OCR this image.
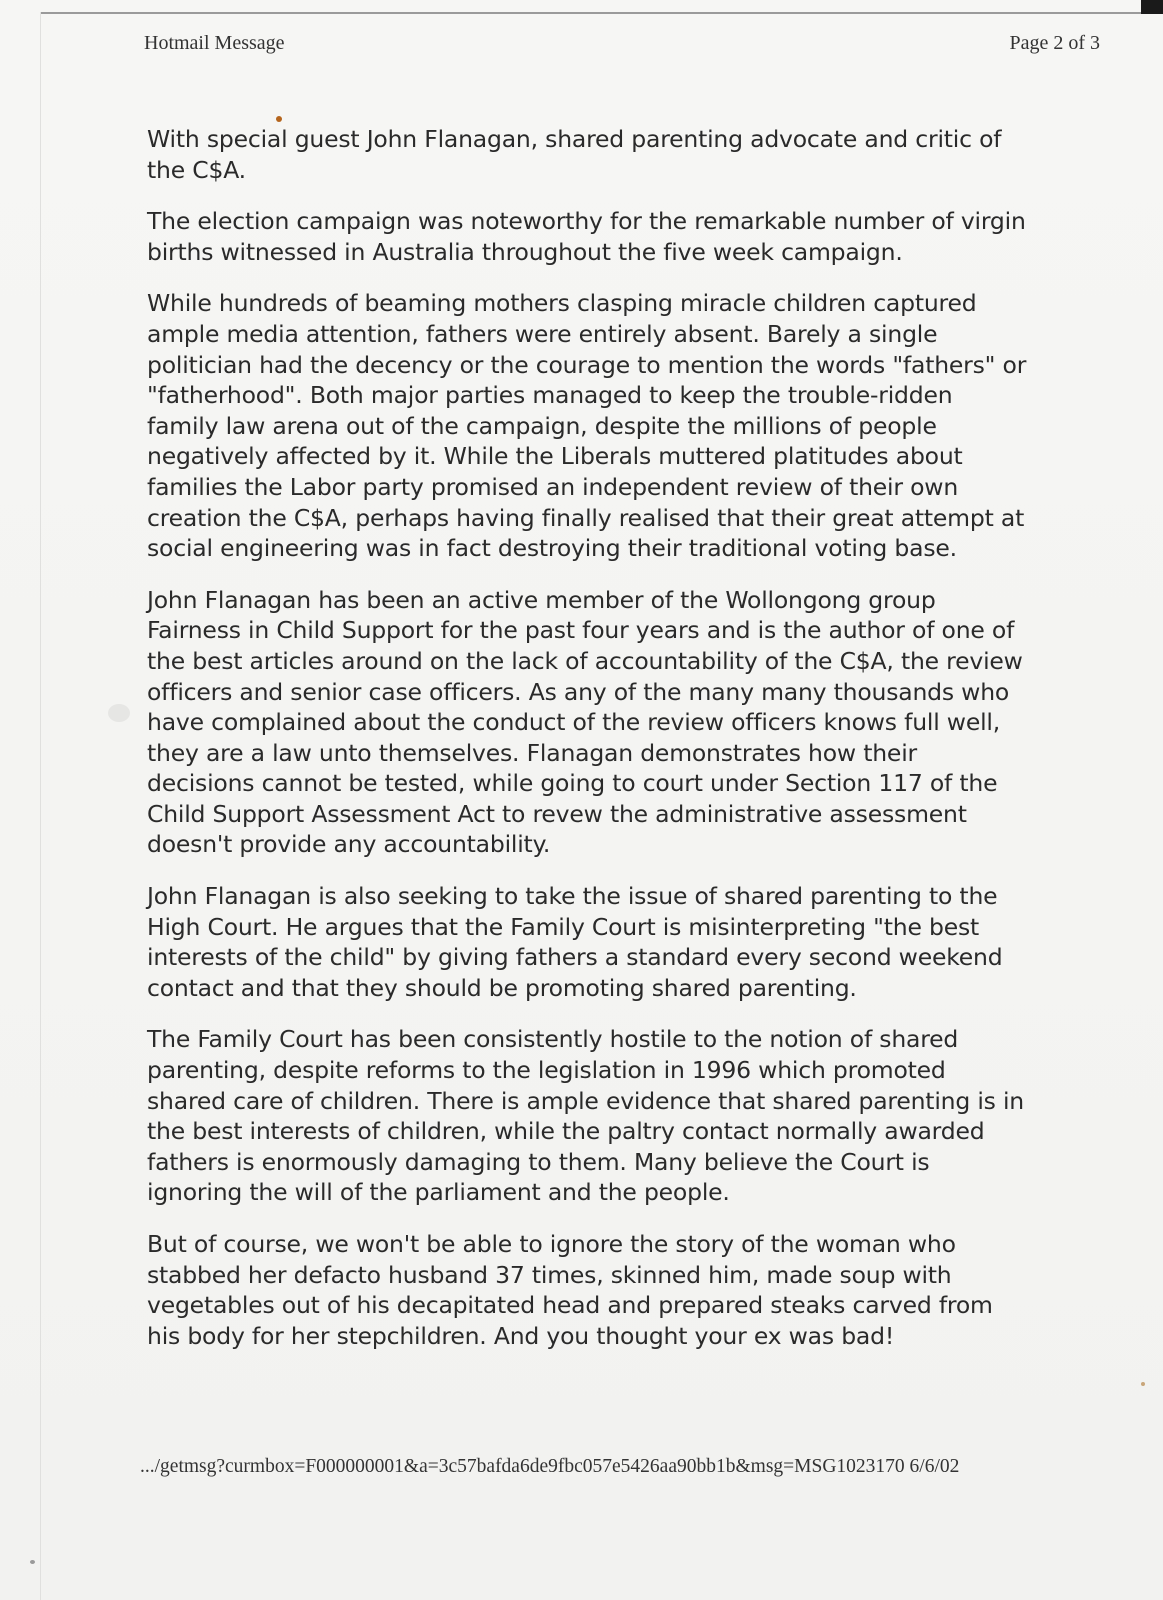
Hotmail Message	Page 2 of 3

With special guest John Flanagan, shared parenting advocate and critic of the C$A.

The election campaign was noteworthy for the remarkable number of virgin births witnessed in Australia throughout the five week campaign.

While hundreds of beaming mothers clasping miracle children captured ample media attention, fathers were entirely absent. Barely a single politician had the decency or the courage to mention the words "fathers" or "fatherhood". Both major parties managed to keep the trouble-ridden family law arena out of the campaign, despite the millions of people negatively affected by it. While the Liberals muttered platitudes about families the Labor party promised an independent review of their own creation the C$A, perhaps having finally realised that their great attempt at social engineering was in fact destroying their traditional voting base.

John Flanagan has been an active member of the Wollongong group Fairness in Child Support for the past four years and is the author of one of the best articles around on the lack of accountability of the C$A, the review officers and senior case officers. As any of the many many thousands who have complained about the conduct of the review officers knows full well, they are a law unto themselves. Flanagan demonstrates how their decisions cannot be tested, while going to court under Section 117 of the Child Support Assessment Act to revew the administrative assessment doesn't provide any accountability.

John Flanagan is also seeking to take the issue of shared parenting to the High Court. He argues that the Family Court is misinterpreting "the best interests of the child" by giving fathers a standard every second weekend contact and that they should be promoting shared parenting.

The Family Court has been consistently hostile to the notion of shared parenting, despite reforms to the legislation in 1996 which promoted shared care of children. There is ample evidence that shared parenting is in the best interests of children, while the paltry contact normally awarded fathers is enormously damaging to them. Many believe the Court is ignoring the will of the parliament and the people.

But of course, we won't be able to ignore the story of the woman who stabbed her defacto husband 37 times, skinned him, made soup with vegetables out of his decapitated head and prepared steaks carved from his body for her stepchildren. And you thought your ex was bad!

.../getmsg?curmbox=F000000001&a=3c57bafda6de9fbc057e5426aa90bb1b&msg=MSG1023170 6/6/02
